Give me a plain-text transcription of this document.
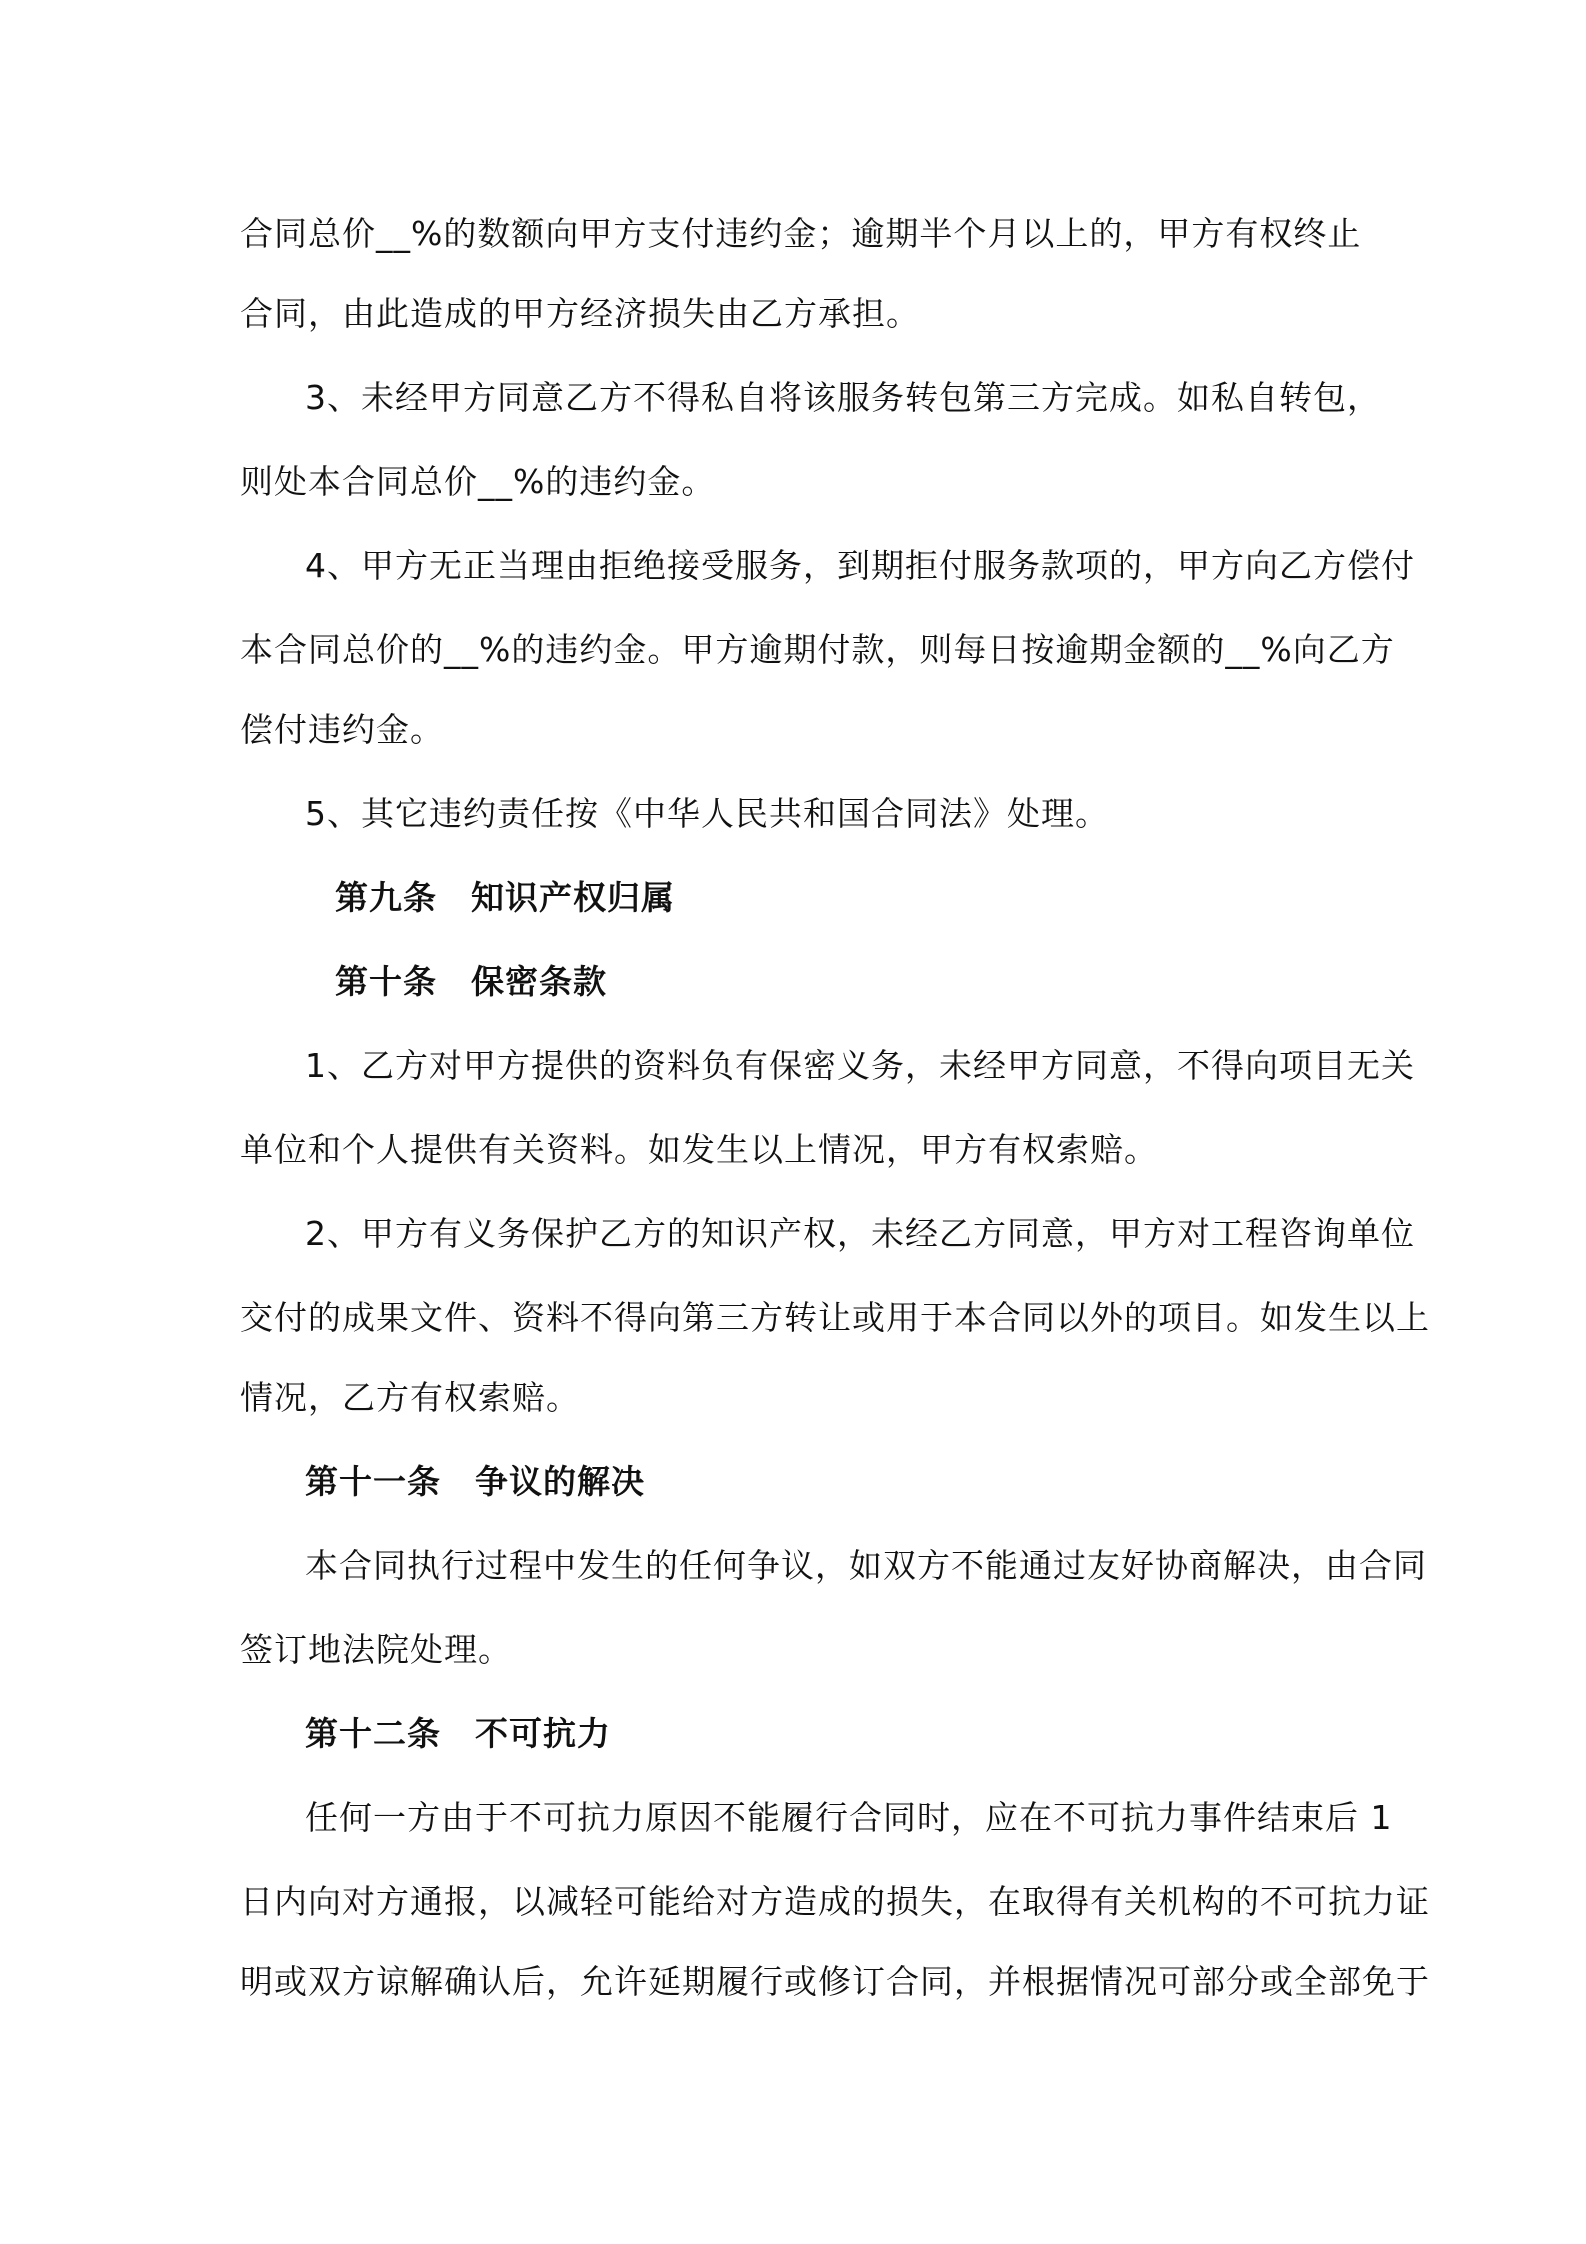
合同总价__%的数额向甲方支付违约金；逾期半个月以上的，甲方有权终止
合同，由此造成的甲方经济损失由乙方承担。
3、未经甲方同意乙方不得私自将该服务转包第三方完成。如私自转包，
则处本合同总价__%的违约金。
4、甲方无正当理由拒绝接受服务，到期拒付服务款项的，甲方向乙方偿付
本合同总价的__%的违约金。甲方逾期付款，则每日按逾期金额的__%向乙方
偿付违约金。
5、其它违约责任按《中华人民共和国合同法》处理。
第九条　知识产权归属
第十条　保密条款
1、乙方对甲方提供的资料负有保密义务，未经甲方同意，不得向项目无关
单位和个人提供有关资料。如发生以上情况，甲方有权索赔。
2、甲方有义务保护乙方的知识产权，未经乙方同意，甲方对工程咨询单位
交付的成果文件、资料不得向第三方转让或用于本合同以外的项目。如发生以上
情况，乙方有权索赔。
第十一条　争议的解决
本合同执行过程中发生的任何争议，如双方不能通过友好协商解决，由合同
签订地法院处理。
第十二条　不可抗力
任何一方由于不可抗力原因不能履行合同时，应在不可抗力事件结束后 1
日内向对方通报，以减轻可能给对方造成的损失，在取得有关机构的不可抗力证
明或双方谅解确认后，允许延期履行或修订合同，并根据情况可部分或全部免于
